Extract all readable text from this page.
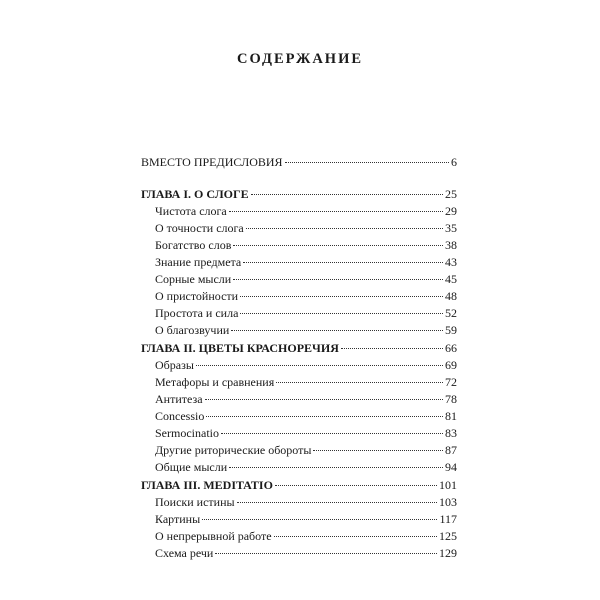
СОДЕРЖАНИЕ
ВМЕСТО ПРЕДИСЛОВИЯ	6
ГЛАВА I. О СЛОГЕ	25
Чистота слога	29
О точности слога	35
Богатство слов	38
Знание предмета	43
Сорные мысли	45
О пристойности	48
Простота и сила	52
О благозвучии	59
ГЛАВА II. ЦВЕТЫ КРАСНОРЕЧИЯ	66
Образы	69
Метафоры и сравнения	72
Антитеза	78
Concessio	81
Sermocinatio	83
Другие риторические обороты	87
Общие мысли	94
ГЛАВА III. MEDITATIO	101
Поиски истины	103
Картины	117
О непрерывной работе	125
Схема речи	129
